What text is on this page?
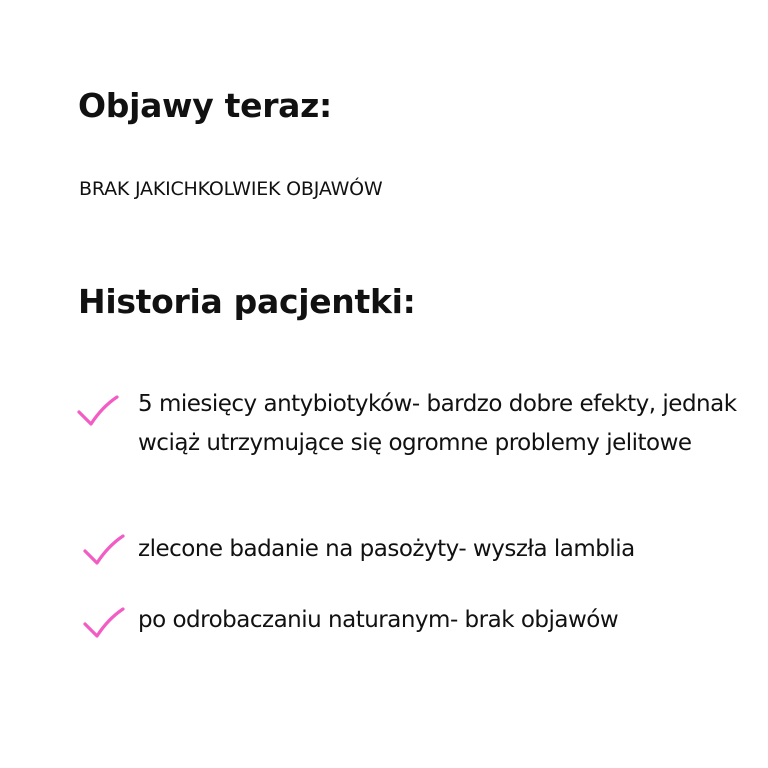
Objawy teraz:

BRAK JAKICHKOLWIEK OBJAWÓW

Historia pacjentki:

5 miesięcy antybiotyków- bardzo dobre efekty, jednak wciąż utrzymujące się ogromne problemy jelitowe

zlecone badanie na pasożyty- wyszła lamblia

po odrobaczaniu naturanym- brak objawów
